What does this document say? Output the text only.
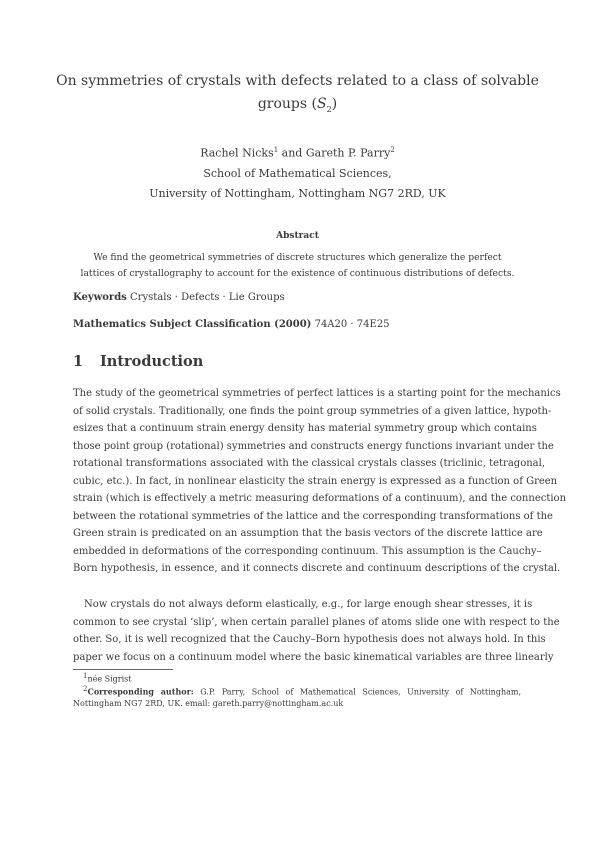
On symmetries of crystals with defects related to a class of solvable
groups $(S_2)$
Rachel Nicks$^1$ and Gareth P. Parry$^2$
School of Mathematical Sciences,
University of Nottingham, Nottingham NG7 2RD, UK
Abstract
We find the geometrical symmetries of discrete structures which generalize the perfect
lattices of crystallography to account for the existence of continuous distributions of defects.
Keywords Crystals · Defects · Lie Groups
Mathematics Subject Classification (2000) 74A20 · 74E25
1 Introduction
The study of the geometrical symmetries of perfect lattices is a starting point for the mechanics
of solid crystals. Traditionally, one finds the point group symmetries of a given lattice, hypoth-
esizes that a continuum strain energy density has material symmetry group which contains
those point group (rotational) symmetries and constructs energy functions invariant under the
rotational transformations associated with the classical crystals classes (triclinic, tetragonal,
cubic, etc.). In fact, in nonlinear elasticity the strain energy is expressed as a function of Green
strain (which is effectively a metric measuring deformations of a continuum), and the connection
between the rotational symmetries of the lattice and the corresponding transformations of the
Green strain is predicated on an assumption that the basis vectors of the discrete lattice are
embedded in deformations of the corresponding continuum. This assumption is the Cauchy–
Born hypothesis, in essence, and it connects discrete and continuum descriptions of the crystal.
Now crystals do not always deform elastically, e.g., for large enough shear stresses, it is
common to see crystal ‘slip’, when certain parallel planes of atoms slide one with respect to the
other. So, it is well recognized that the Cauchy–Born hypothesis does not always hold. In this
paper we focus on a continuum model where the basic kinematical variables are three linearly
$^1$née Sigrist
$^2$Corresponding author: G.P. Parry, School of Mathematical Sciences, University of Nottingham,
Nottingham NG7 2RD, UK. email: gareth.parry@nottingham.ac.uk
